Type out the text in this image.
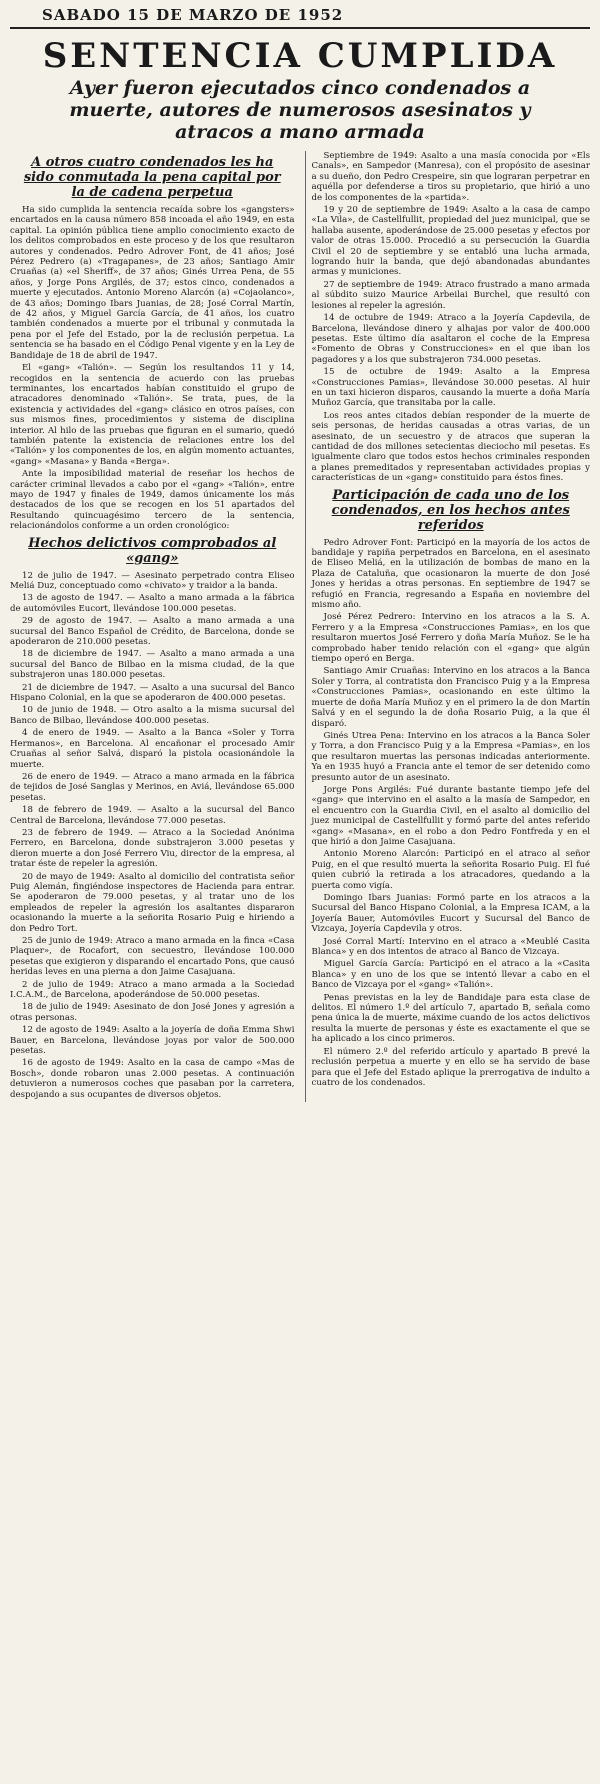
SABADO 15 DE MARZO DE 1952
SENTENCIA CUMPLIDA
Ayer fueron ejecutados cinco condenados a muerte, autores de numerosos asesinatos y atracos a mano armada
A otros cuatro condenados les ha sido conmutada la pena capital por la de cadena perpetua

Ha sido cumplida la sentencia recaída sobre los «gangsters» encartados en la causa número 858 incoada el año 1949, en esta capital. La opinión pública tiene amplio conocimiento exacto de los delitos comprobados en este proceso y de los que resultaron autores y condenados. Pedro Adrover Font, de 41 años; José Pérez Pedrero (a) «Tragapanes», de 23 años; Santiago Amir Cruañas (a) «el Sheriff», de 37 años; Ginés Urrea Pena, de 55 años, y Jorge Pons Argilés, de 37; estos cinco, condenados a muerte y ejecutados. Antonio Moreno Alarcón (a) «Cojaolanco», de 43 años; Domingo Ibars Juanias, de 28; José Corral Martín, de 42 años, y Miguel García García, de 41 años, los cuatro también condenados a muerte por el tribunal y conmutada la pena por el Jefe del Estado, por la de reclusión perpetua. La sentencia se ha basado en el Código Penal vigente y en la Ley de Bandidaje de 18 de abril de 1947.

El «gang» «Talión». — Según los resultandos 11 y 14, recogidos en la sentencia de acuerdo con las pruebas terminantes, los encartados habían constituido el grupo de atracadores denominado «Talión». Se trata, pues, de la existencia y actividades del «gang» clásico en otros países, con sus mismos fines, procedimientos y sistema de disciplina interior. Al hilo de las pruebas que figuran en el sumario, quedó también patente la existencia de relaciones entre los del «Talión» y los componentes de los, en algún momento actuantes, «gang» «Masana» y Banda «Berga».

Ante la imposibilidad material de reseñar los hechos de carácter criminal llevados a cabo por el «gang» «Talión», entre mayo de 1947 y finales de 1949, damos únicamente los más destacados de los que se recogen en los 51 apartados del Resultando quincuagésimo tercero de la sentencia, relacionándolos conforme a un orden cronológico:

Hechos delictivos comprobados al «gang»

12 de julio de 1947. — Asesinato perpetrado contra Eliseo Meliá Duz, conceptuado como «chivato» y traidor a la banda.

13 de agosto de 1947. — Asalto a mano armada a la fábrica de automóviles Eucort, llevándose 100.000 pesetas.

29 de agosto de 1947. — Asalto a mano armada a una sucursal del Banco Español de Crédito, de Barcelona, donde se apoderaron de 210.000 pesetas.

18 de diciembre de 1947. — Asalto a mano armada a una sucursal del Banco de Bilbao en la misma ciudad, de la que substrajeron unas 180.000 pesetas.

21 de diciembre de 1947. — Asalto a una sucursal del Banco Hispano Colonial, en la que se apoderaron de 400.000 pesetas.

10 de junio de 1948. — Otro asalto a la misma sucursal del Banco de Bilbao, llevándose 400.000 pesetas.

4 de enero de 1949. — Asalto a la Banca «Soler y Torra Hermanos», en Barcelona. Al encañonar el procesado Amir Cruañas al señor Salvá, disparó la pistola ocasionándole la muerte.

26 de enero de 1949. — Atraco a mano armada en la fábrica de tejidos de José Sanglas y Merinos, en Aviá, llevándose 65.000 pesetas.

18 de febrero de 1949. — Asalto a la sucursal del Banco Central de Barcelona, llevándose 77.000 pesetas.

23 de febrero de 1949. — Atraco a la Sociedad Anónima Ferrero, en Barcelona, donde substrajeron 3.000 pesetas y dieron muerte a don José Ferrero Viu, director de la empresa, al tratar éste de repeler la agresión.

20 de mayo de 1949: Asalto al domicilio del contratista señor Puig Alemán, fingiéndose inspectores de Hacienda para entrar. Se apoderaron de 79.000 pesetas, y al tratar uno de los empleados de repeler la agresión los asaltantes dispararon ocasionando la muerte a la señorita Rosario Puig e hiriendo a don Pedro Tort.

25 de junio de 1949: Atraco a mano armada en la finca «Casa Plaquer», de Rocafort, con secuestro, llevándose 100.000 pesetas que exigieron y disparando el encartado Pons, que causó heridas leves en una pierna a don Jaime Casajuana.

2 de julio de 1949: Atraco a mano armada a la Sociedad I.C.A.M., de Barcelona, apoderándose de 50.000 pesetas.

18 de julio de 1949: Asesinato de don José Jones y agresión a otras personas.

12 de agosto de 1949: Asalto a la joyería de doña Emma Shwi Bauer, en Barcelona, llevándose joyas por valor de 500.000 pesetas.

16 de agosto de 1949: Asalto en la casa de campo «Mas de Bosch», donde robaron unas 2.000 pesetas. A continuación detuvieron a numerosos coches que pasaban por la carretera, despojando a sus ocupantes de diversos objetos.

Septiembre de 1949: Asalto a una masía conocida por «Els Canals», en Sampedor (Manresa), con el propósito de asesinar a su dueño, don Pedro Crespeire, sin que lograran perpetrar en aquélla por defenderse a tiros su propietario, que hirió a uno de los componentes de la «partida».

19 y 20 de septiembre de 1949: Asalto a la casa de campo «La Vila», de Castellfullit, propiedad del juez municipal, que se hallaba ausente, apoderándose de 25.000 pesetas y efectos por valor de otras 15.000. Procedió a su persecución la Guardia Civil el 20 de septiembre y se entabló una lucha armada, logrando huir la banda, que dejó abandonadas abundantes armas y municiones.

27 de septiembre de 1949: Atraco frustrado a mano armada al súbdito suizo Maurice Arbeilai Burchel, que resultó con lesiones al repeler la agresión.

14 de octubre de 1949: Atraco a la Joyería Capdevila, de Barcelona, llevándose dinero y alhajas por valor de 400.000 pesetas. Este último día asaltaron el coche de la Empresa «Fomento de Obras y Construcciones» en el que iban los pagadores y a los que substrajeron 734.000 pesetas.

15 de octubre de 1949: Asalto a la Empresa «Construcciones Pamias», llevándose 30.000 pesetas. Al huir en un taxi hicieron disparos, causando la muerte a doña María Muñoz García, que transitaba por la calle.

Los reos antes citados debían responder de la muerte de seis personas, de heridas causadas a otras varias, de un asesinato, de un secuestro y de atracos que superan la cantidad de dos millones setecientas dieciocho mil pesetas. Es igualmente claro que todos estos hechos criminales responden a planes premeditados y representaban actividades propias y características de un «gang» constituido para éstos fines.

Participación de cada uno de los condenados, en los hechos antes referidos

Pedro Adrover Font: Participó en la mayoría de los actos de bandidaje y rapiña perpetrados en Barcelona, en el asesinato de Eliseo Meliá, en la utilización de bombas de mano en la Plaza de Cataluña, que ocasionaron la muerte de don José Jones y heridas a otras personas. En septiembre de 1947 se refugió en Francia, regresando a España en noviembre del mismo año.

José Pérez Pedrero: Intervino en los atracos a la S. A. Ferrero y a la Empresa «Construcciones Pamias», en los que resultaron muertos José Ferrero y doña María Muñoz. Se le ha comprobado haber tenido relación con el «gang» que algún tiempo operó en Berga.

Santiago Amir Cruañas: Intervino en los atracos a la Banca Soler y Torra, al contratista don Francisco Puig y a la Empresa «Construcciones Pamias», ocasionando en este último la muerte de doña María Muñoz y en el primero la de don Martín Salvá y en el segundo la de doña Rosario Puig, a la que él disparó.

Ginés Utrea Pena: Intervino en los atracos a la Banca Soler y Torra, a don Francisco Puig y a la Empresa «Pamias», en los que resultaron muertas las personas indicadas anteriormente. Ya en 1935 huyó a Francia ante el temor de ser detenido como presunto autor de un asesinato.

Jorge Pons Argilés: Fué durante bastante tiempo jefe del «gang» que intervino en el asalto a la masía de Sampedor, en el encuentro con la Guardia Civil, en el asalto al domicilio del juez municipal de Castellfullit y formó parte del antes referido «gang» «Masana», en el robo a don Pedro Fontfreda y en el que hirió a don Jaime Casajuana.

Antonio Moreno Alarcón: Participó en el atraco al señor Puig, en el que resultó muerta la señorita Rosario Puig. El fué quien cubrió la retirada a los atracadores, quedando a la puerta como vigía.

Domingo Ibars Juanias: Formó parte en los atracos a la Sucursal del Banco Hispano Colonial, a la Empresa ICAM, a la Joyería Bauer, Automóviles Eucort y Sucursal del Banco de Vizcaya, Joyería Capdevila y otros.

José Corral Martí: Intervino en el atraco a «Meublé Casita Blanca» y en dos intentos de atraco al Banco de Vizcaya.

Miguel García García: Participó en el atraco a la «Casita Blanca» y en uno de los que se intentó llevar a cabo en el Banco de Vizcaya por el «gang» «Talión».

Penas previstas en la ley de Bandidaje para esta clase de delitos. El número 1.º del artículo 7, apartado B, señala como pena única la de muerte, máxime cuando de los actos delictivos resulta la muerte de personas y éste es exactamente el que se ha aplicado a los cinco primeros.

El número 2.º del referido artículo y apartado B prevé la reclusión perpetua a muerte y en ello se ha servido de base para que el Jefe del Estado aplique la prerrogativa de indulto a cuatro de los condenados.
